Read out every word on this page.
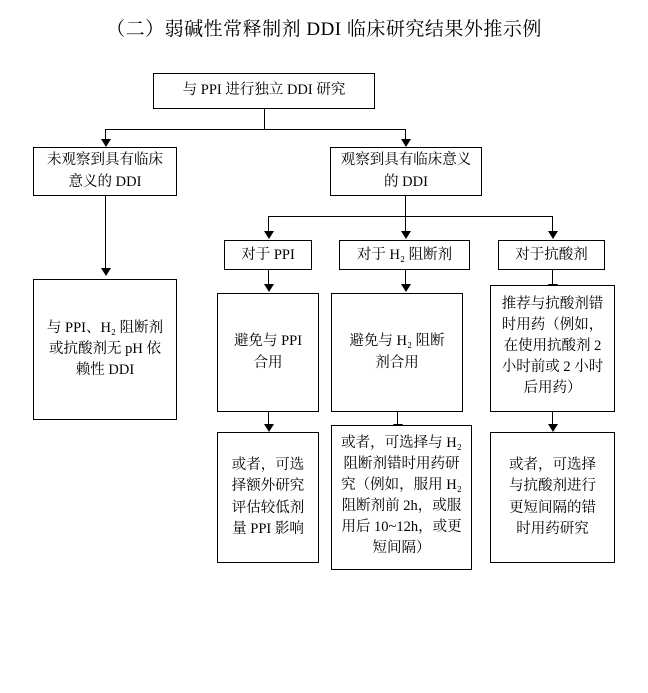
（二）弱碱性常释制剂 DDI 临床研究结果外推示例
与 PPI 进行独立 DDI 研究
未观察到具有临床意义的 DDI
观察到具有临床意义的 DDI
与 PPI、H₂ 阻断剂或抗酸剂无 pH 依赖性 DDI
对于 PPI	对于 H₂ 阻断剂	对于抗酸剂
避免与 PPI 合用
避免与 H₂ 阻断剂合用
推荐与抗酸剂错时用药（例如，在使用抗酸剂 2 小时前或 2 小时后用药）
或者，可选择额外研究评估较低剂量 PPI 影响
或者，可选择与 H₂ 阻断剂错时用药研究（例如，服用 H₂ 阻断剂前 2h，或服用后 10~12h，或更短间隔）
或者，可选择与抗酸剂进行更短间隔的错时用药研究
